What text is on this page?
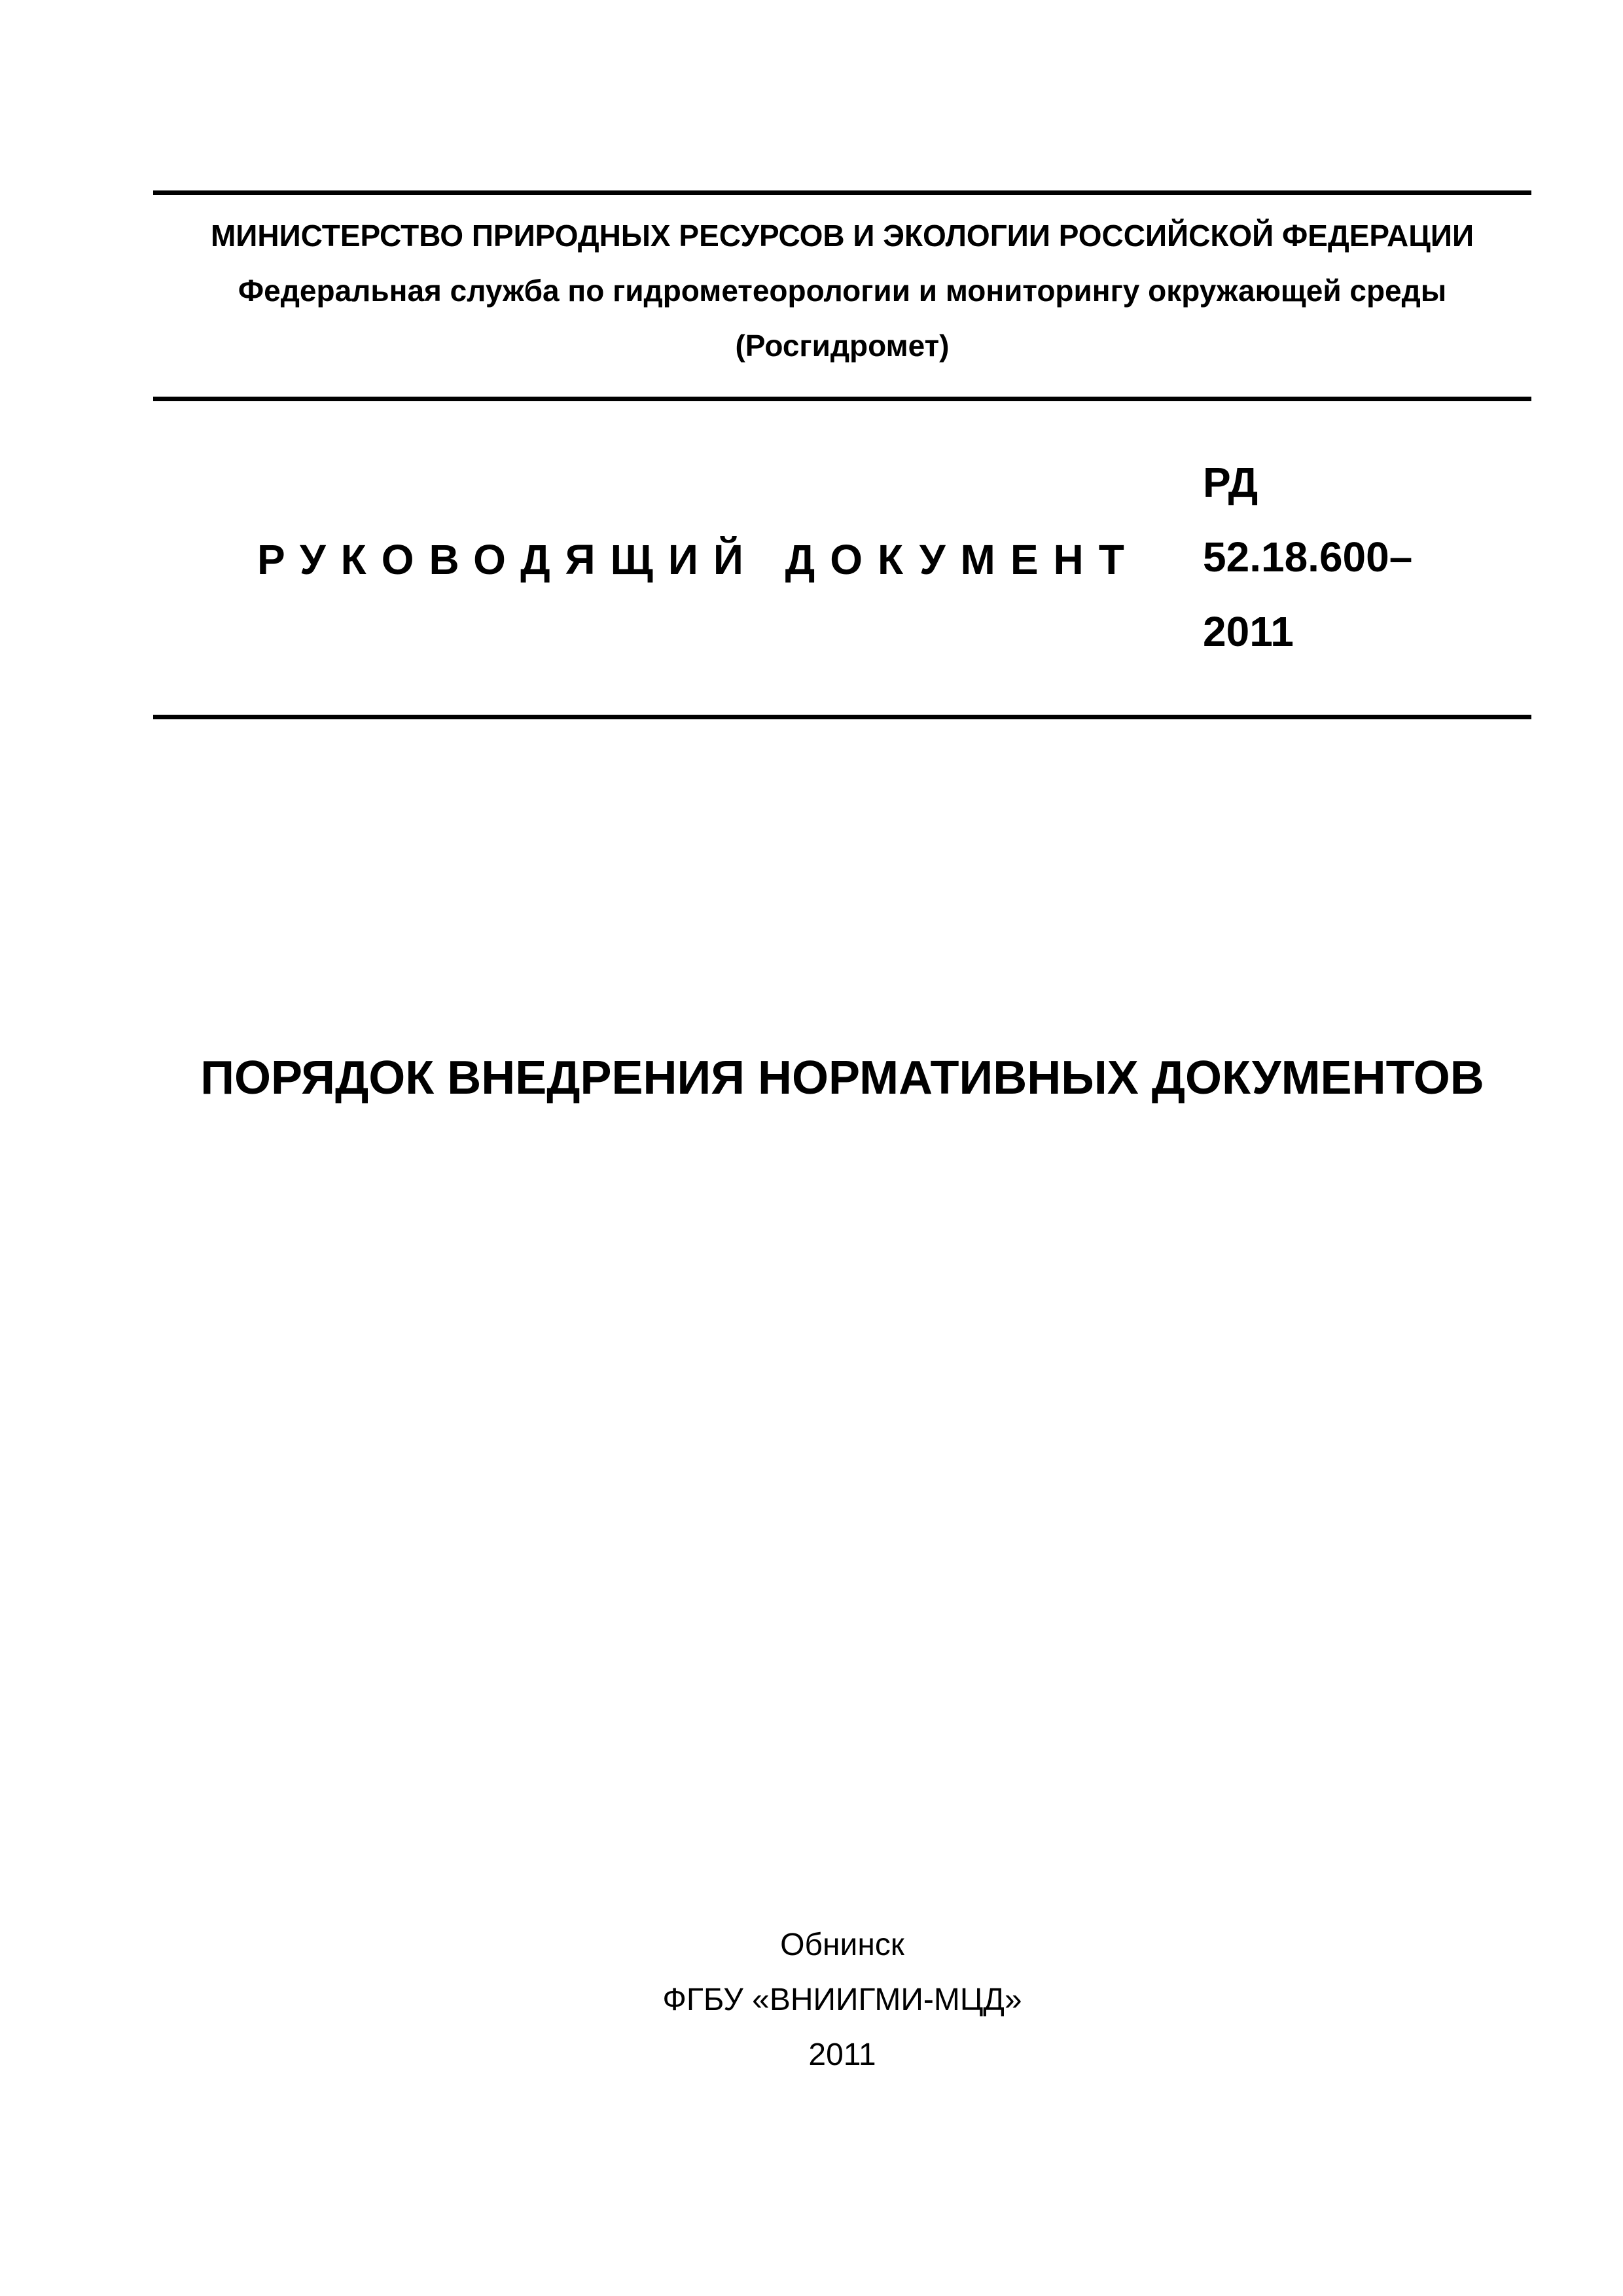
МИНИСТЕРСТВО ПРИРОДНЫХ РЕСУРСОВ И ЭКОЛОГИИ РОССИЙСКОЙ ФЕДЕРАЦИИ
Федеральная служба по гидрометеорологии и мониторингу окружающей среды
(Росгидромет)
РУКОВОДЯЩИЙ ДОКУМЕНТ
РД
52.18.600–
2011
ПОРЯДОК ВНЕДРЕНИЯ НОРМАТИВНЫХ ДОКУМЕНТОВ
Обнинск
ФГБУ «ВНИИГМИ-МЦД»
2011
